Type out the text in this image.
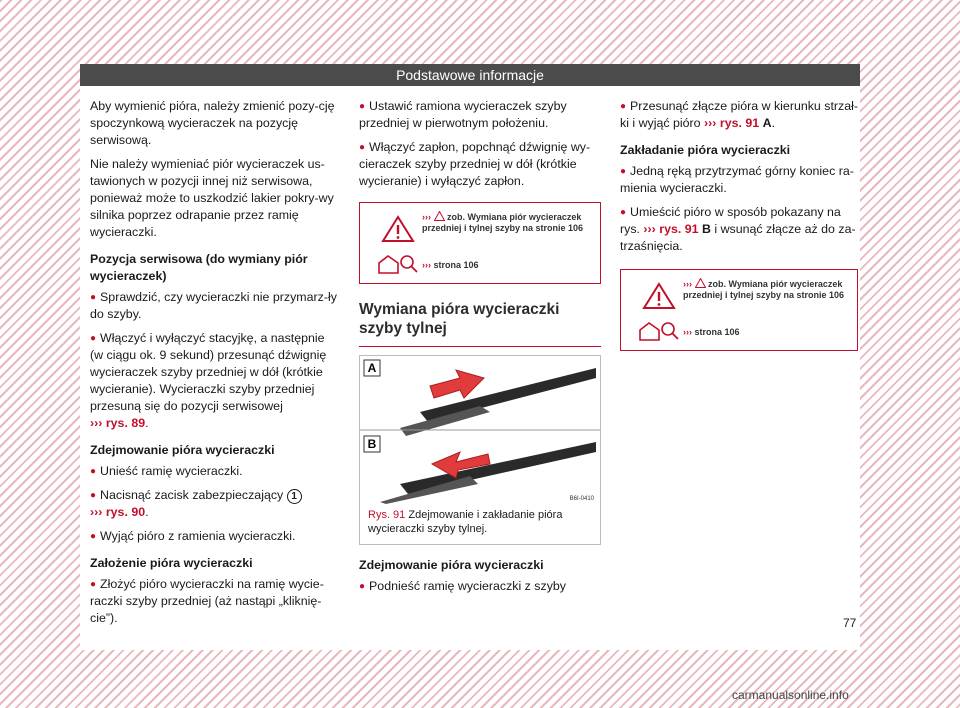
Podstawowe informacje

Aby wymienić pióra, należy zmienić pozy-cję spoczynkową wycieraczek na pozycję serwisową.

Nie należy wymieniać piór wycieraczek us-tawionych w pozycji innej niż serwisowa, ponieważ może to uszkodzić lakier pokry-wy silnika poprzez odrapanie przez ramię wycieraczki.

Pozycja serwisowa (do wymiany piór wycieraczek)

● Sprawdzić, czy wycieraczki nie przymarz-ły do szyby.

● Włączyć i wyłączyć stacyjkę, a następnie (w ciągu ok. 9 sekund) przesunąć dźwignię wycieraczek szyby przedniej w dół (krótkie wycieranie). Wycieraczki szyby przedniej przesuną się do pozycji serwisowej
››› rys. 89.

Zdejmowanie pióra wycieraczki

● Unieść ramię wycieraczki.

● Nacisnąć zacisk zabezpieczający 1
››› rys. 90.

● Wyjąć pióro z ramienia wycieraczki.

Założenie pióra wycieraczki

● Złożyć pióro wycieraczki na ramię wycie-raczki szyby przedniej (aż nastąpi „kliknię-cie”).

● Ustawić ramiona wycieraczek szyby przedniej w pierwotnym położeniu.

● Włączyć zapłon, popchnąć dźwignię wy-cieraczek szyby przedniej w dół (krótkie wycieranie) i wyłączyć zapłon.

››› zob. Wymiana piór wycieraczek przedniej i tylnej szyby na stronie 106
››› strona 106
Wymiana pióra wycieraczki szyby tylnej
A
B
B6I-0410
Rys. 91 Zdejmowanie i zakładanie pióra wycieraczki szyby tylnej.

Zdejmowanie pióra wycieraczki

● Podnieść ramię wycieraczki z szyby

● Przesunąć złącze pióra w kierunku strzał-ki i wyjąć pióro ››› rys. 91 A.

Zakładanie pióra wycieraczki

● Jedną ręką przytrzymać górny koniec ra-mienia wycieraczki.

● Umieścić pióro w sposób pokazany na rys. ››› rys. 91 B i wsunąć złącze aż do za-trzaśnięcia.

››› zob. Wymiana piór wycieraczek przedniej i tylnej szyby na stronie 106
››› strona 106
77
carmanualsonline.info
